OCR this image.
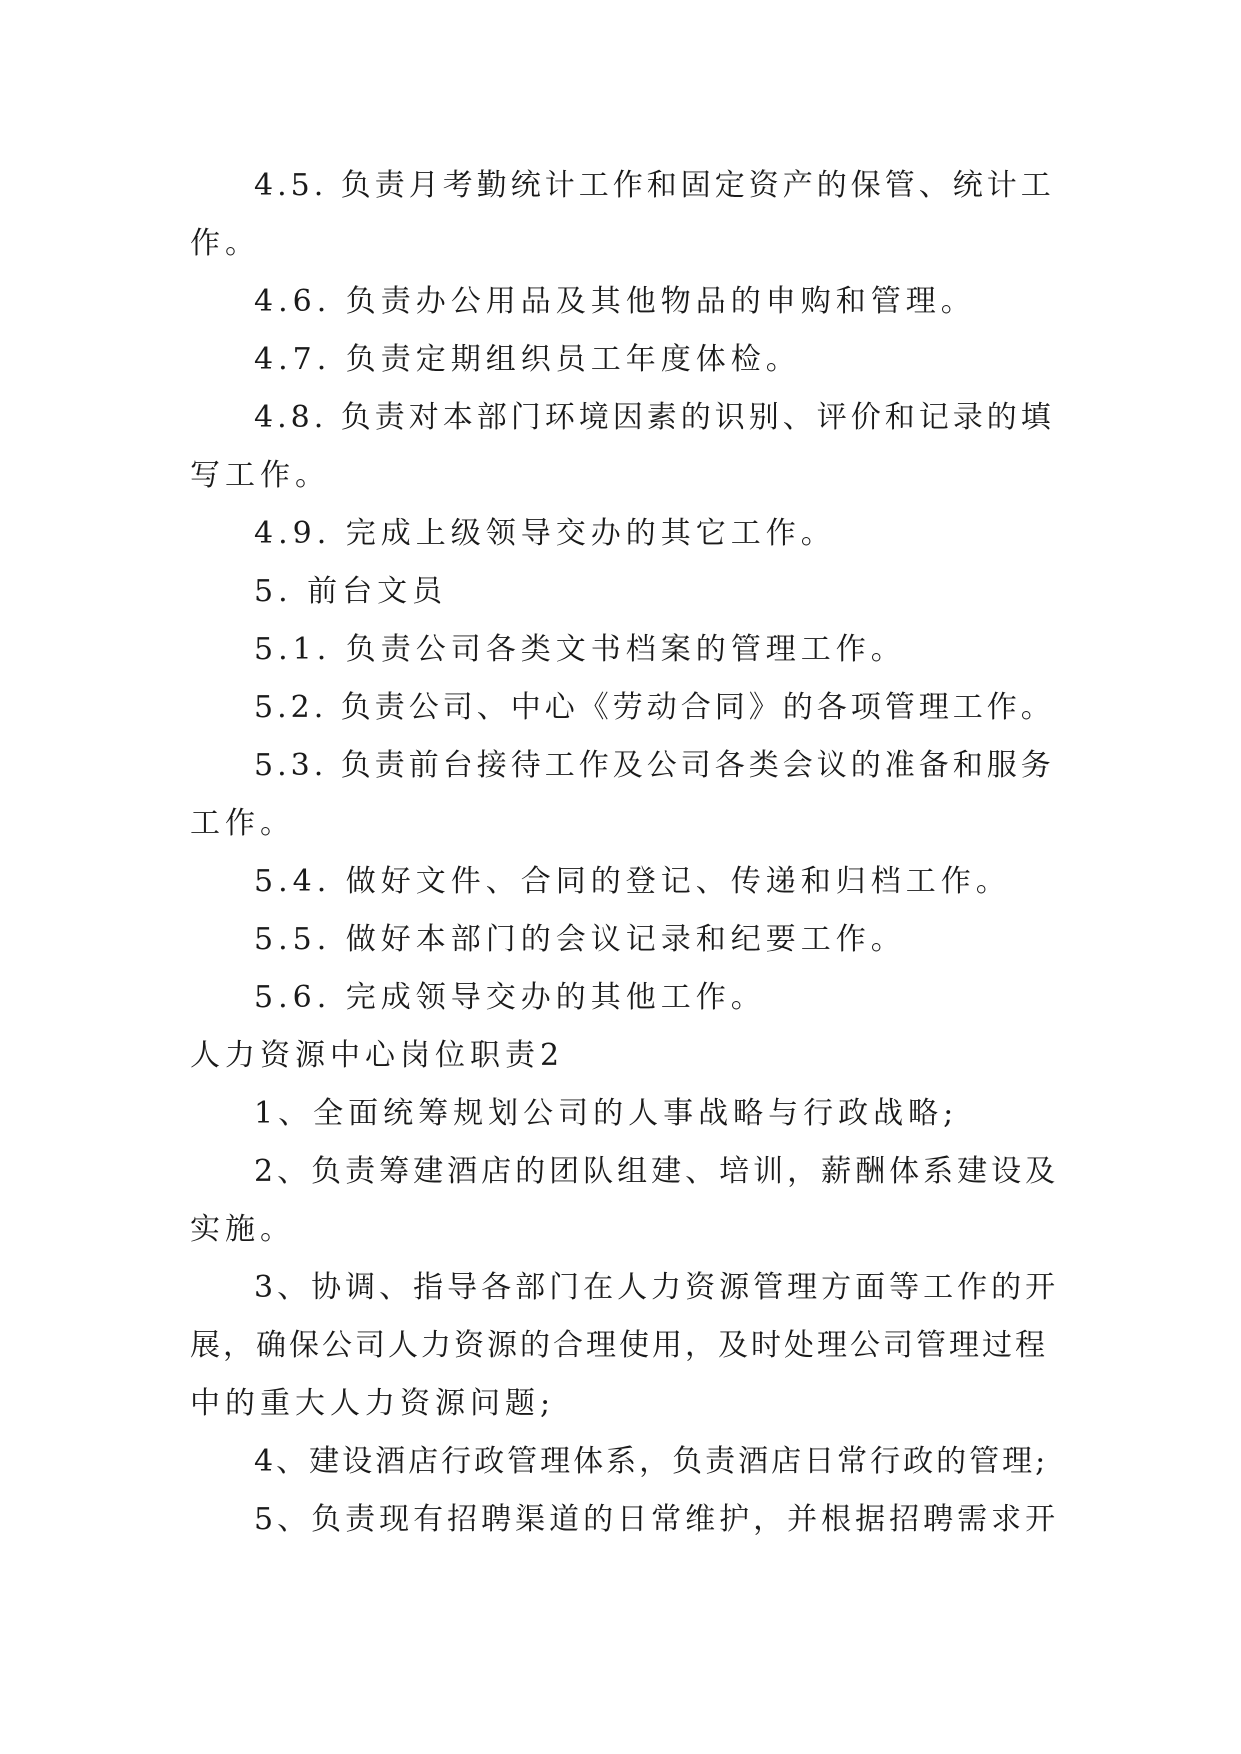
4.5. 负责月考勤统计工作和固定资产的保管、统计工
作。
4.6. 负责办公用品及其他物品的申购和管理。
4.7. 负责定期组织员工年度体检。
4.8. 负责对本部门环境因素的识别、评价和记录的填
写工作。
4.9. 完成上级领导交办的其它工作。
5. 前台文员
5.1. 负责公司各类文书档案的管理工作。
5.2. 负责公司、中心《劳动合同》的各项管理工作。
5.3. 负责前台接待工作及公司各类会议的准备和服务
工作。
5.4. 做好文件、合同的登记、传递和归档工作。
5.5. 做好本部门的会议记录和纪要工作。
5.6. 完成领导交办的其他工作。
人力资源中心岗位职责2
1、全面统筹规划公司的人事战略与行政战略;
2、负责筹建酒店的团队组建、培训，薪酬体系建设及
实施。
3、协调、指导各部门在人力资源管理方面等工作的开
展，确保公司人力资源的合理使用，及时处理公司管理过程
中的重大人力资源问题;
4、建设酒店行政管理体系，负责酒店日常行政的管理;
5、负责现有招聘渠道的日常维护，并根据招聘需求开
